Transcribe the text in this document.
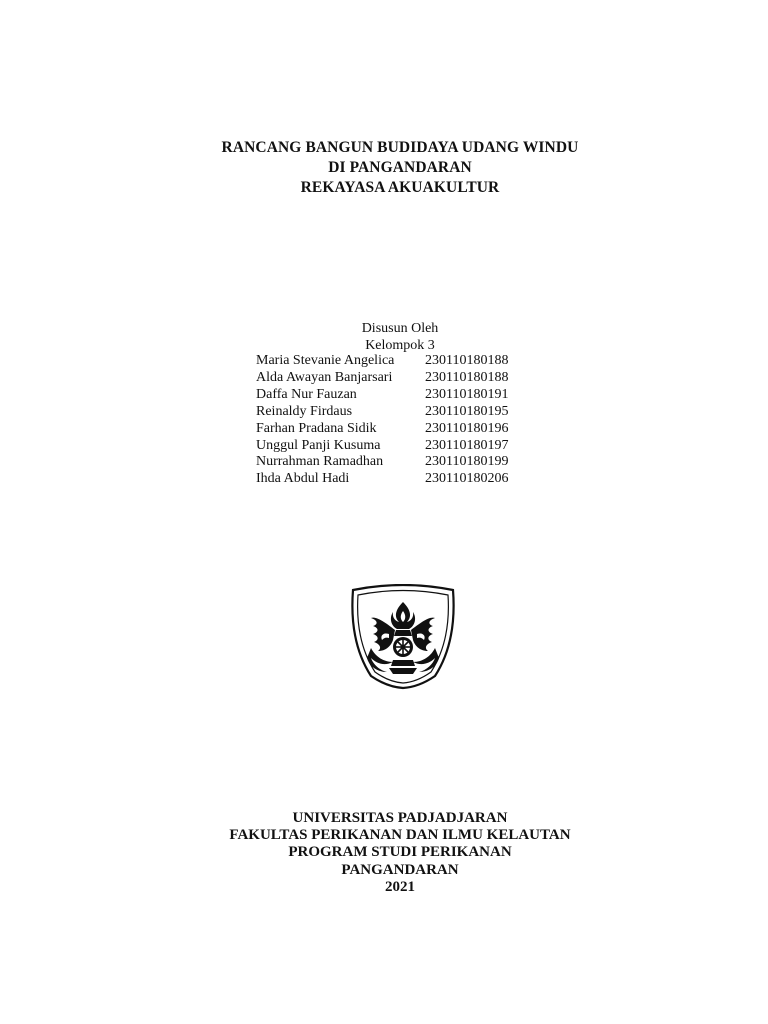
RANCANG BANGUN BUDIDAYA UDANG WINDU
DI PANGANDARAN
REKAYASA AKUAKULTUR
Disusun Oleh
Kelompok 3
Maria Stevanie Angelica	230110180188
Alda Awayan Banjarsari	230110180188
Daffa Nur Fauzan	230110180191
Reinaldy Firdaus	230110180195
Farhan Pradana Sidik	230110180196
Unggul Panji Kusuma	230110180197
Nurrahman Ramadhan	230110180199
Ihda Abdul Hadi	230110180206
UNIVERSITAS PADJADJARAN
FAKULTAS PERIKANAN DAN ILMU KELAUTAN
PROGRAM STUDI PERIKANAN
PANGANDARAN
2021
